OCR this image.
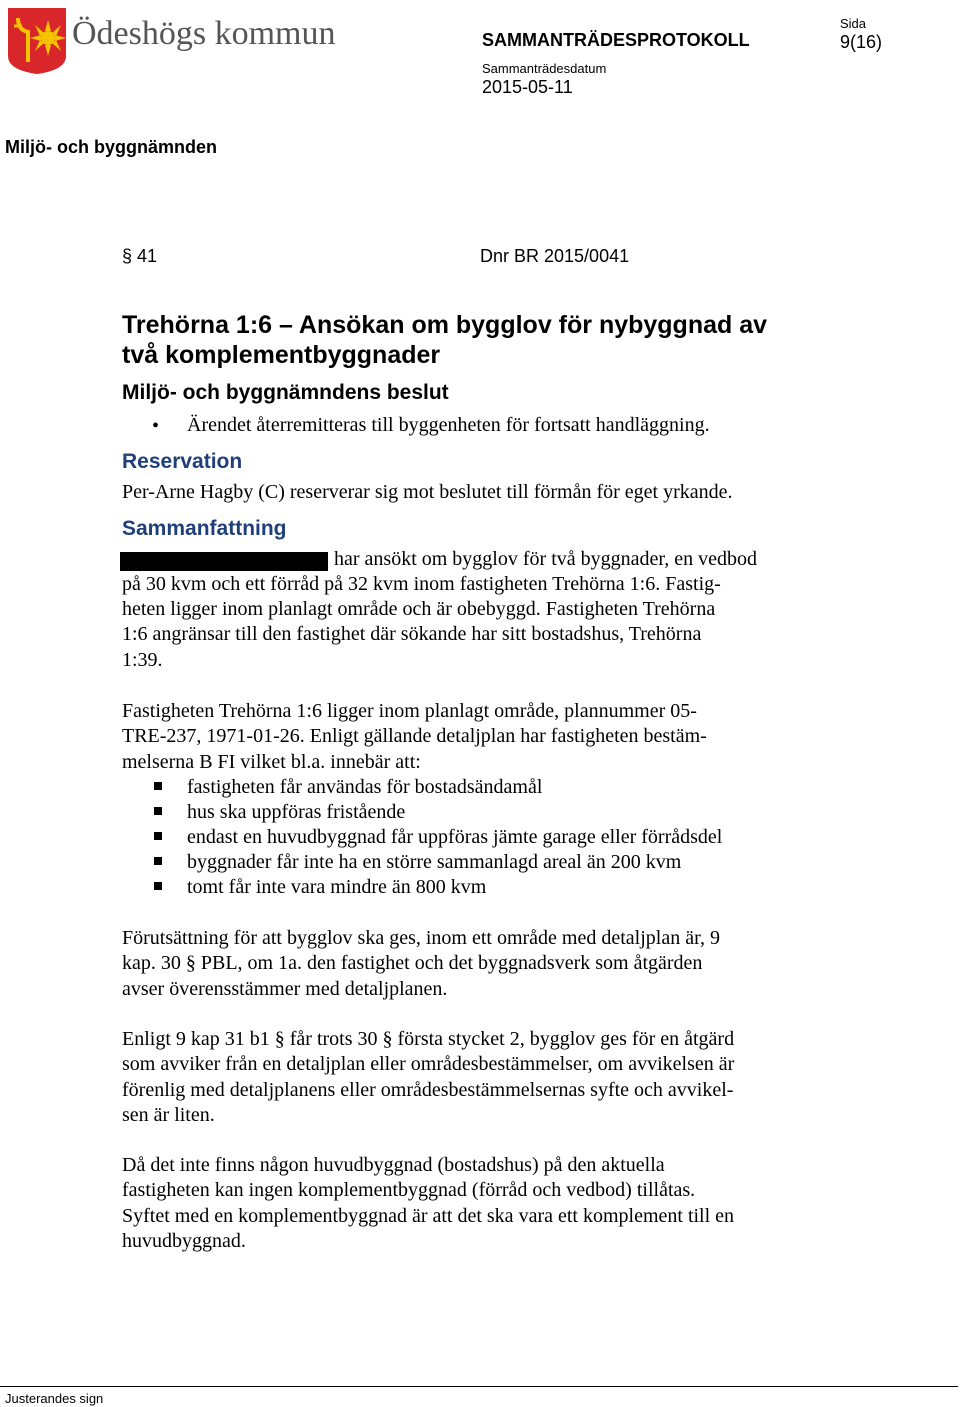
Ödeshögs kommun	SAMMANTRÄDESPROTOKOLL
Sida
9(16)
Sammanträdesdatum
2015-05-11
Miljö- och byggnämnden
§ 41	Dnr BR 2015/0041
Trehörna 1:6 – Ansökan om bygglov för nybyggnad av
två komplementbyggnader
Miljö- och byggnämndens beslut
• Ärendet återremitteras till byggenheten för fortsatt handläggning.
Reservation
Per-Arne Hagby (C) reserverar sig mot beslutet till förmån för eget yrkande.
Sammanfattning
har ansökt om bygglov för två byggnader, en vedbod
på 30 kvm och ett förråd på 32 kvm inom fastigheten Trehörna 1:6. Fastig-
heten ligger inom planlagt område och är obebyggd. Fastigheten Trehörna
1:6 angränsar till den fastighet där sökande har sitt bostadshus, Trehörna
1:39.
Fastigheten Trehörna 1:6 ligger inom planlagt område, plannummer 05-
TRE-237, 1971-01-26. Enligt gällande detaljplan har fastigheten bestäm-
melserna B FI vilket bl.a. innebär att:
fastigheten får användas för bostadsändamål
hus ska uppföras fristående
endast en huvudbyggnad får uppföras jämte garage eller förrådsdel
byggnader får inte ha en större sammanlagd areal än 200 kvm
tomt får inte vara mindre än 800 kvm
Förutsättning för att bygglov ska ges, inom ett område med detaljplan är, 9
kap. 30 § PBL, om 1a. den fastighet och det byggnadsverk som åtgärden
avser överensstämmer med detaljplanen.
Enligt 9 kap 31 b1 § får trots 30 § första stycket 2, bygglov ges för en åtgärd
som avviker från en detaljplan eller områdesbestämmelser, om avvikelsen är
förenlig med detaljplanens eller områdesbestämmelsernas syfte och avvikel-
sen är liten.
Då det inte finns någon huvudbyggnad (bostadshus) på den aktuella
fastigheten kan ingen komplementbyggnad (förråd och vedbod) tillåtas.
Syftet med en komplementbyggnad är att det ska vara ett komplement till en
huvudbyggnad.
Justerandes sign
